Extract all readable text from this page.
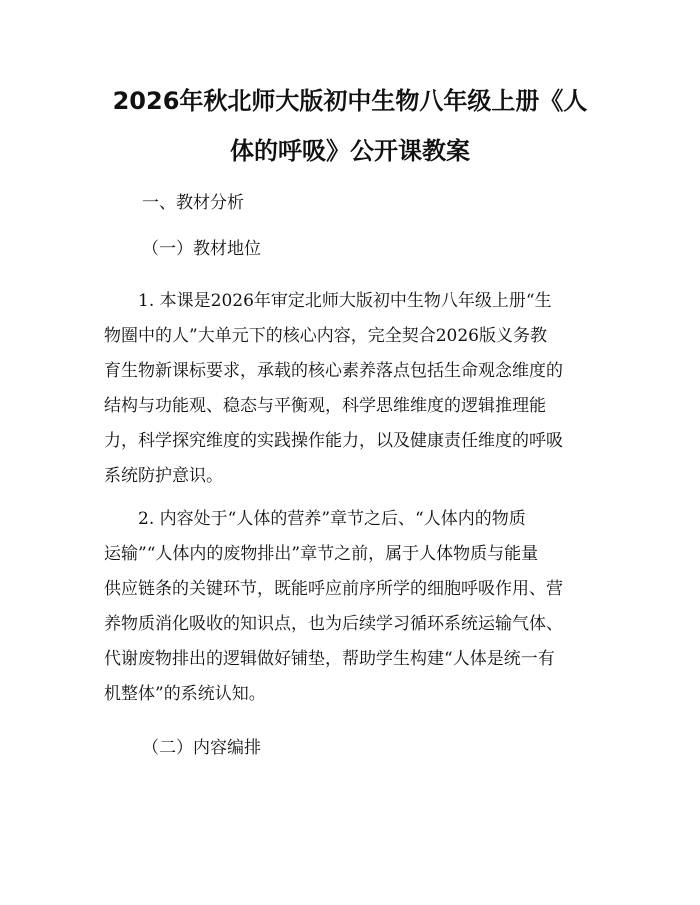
2026年秋北师大版初中生物八年级上册《人
体的呼吸》公开课教案
一、教材分析
（一）教材地位

　　1. 本课是2026年审定北师大版初中生物八年级上册“生
物圈中的人”大单元下的核心内容，完全契合2026版义务教
育生物新课标要求，承载的核心素养落点包括生命观念维度的
结构与功能观、稳态与平衡观，科学思维维度的逻辑推理能
力，科学探究维度的实践操作能力，以及健康责任维度的呼吸
系统防护意识。

　　2. 内容处于“人体的营养”章节之后、“人体内的物质
运输”“人体内的废物排出”章节之前，属于人体物质与能量
供应链条的关键环节，既能呼应前序所学的细胞呼吸作用、营
养物质消化吸收的知识点，也为后续学习循环系统运输气体、
代谢废物排出的逻辑做好铺垫，帮助学生构建“人体是统一有
机整体”的系统认知。

（二）内容编排
